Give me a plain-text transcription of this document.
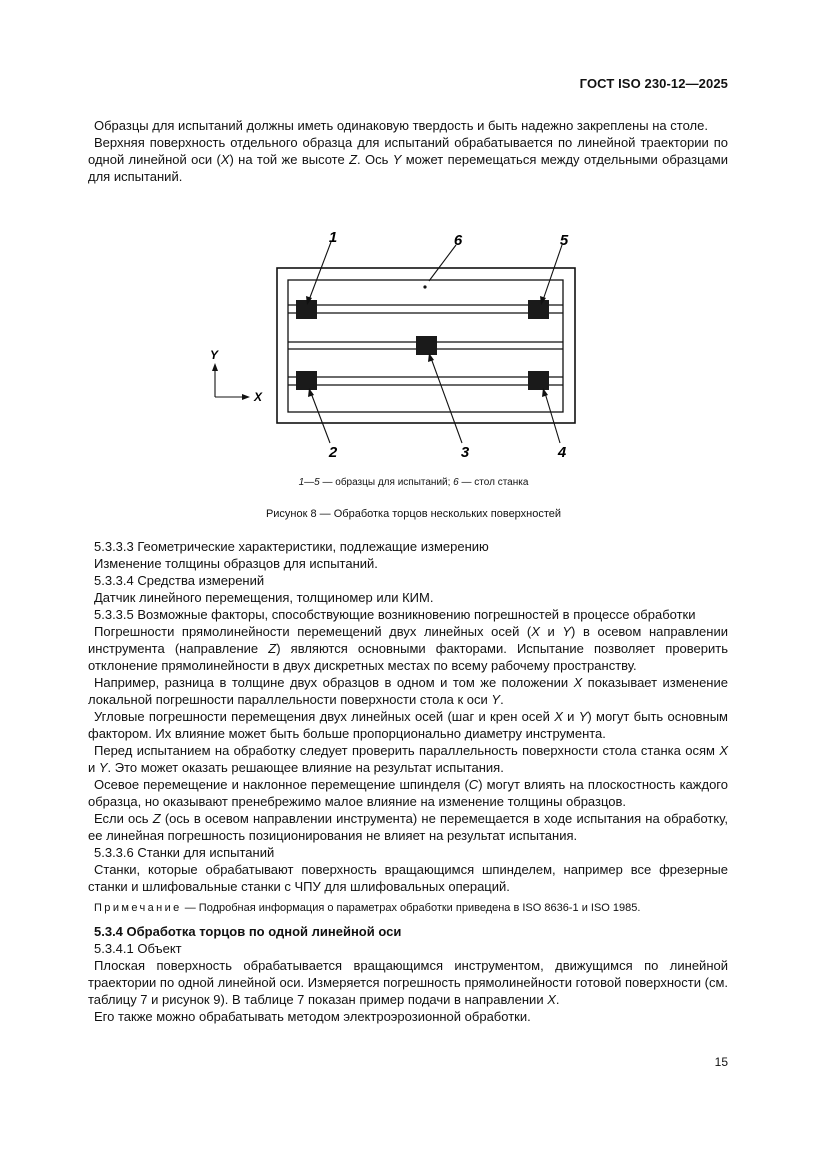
ГОСТ ISO 230-12—2025

Образцы для испытаний должны иметь одинаковую твердость и быть надежно закреплены на столе.

Верхняя поверхность отдельного образца для испытаний обрабатывается по линейной траектории по одной линейной оси (X) на той же высоте Z. Ось Y может перемещаться между отдельными образцами для испытаний.

1	6	5
2	3	4
Y
X
1—5 — образцы для испытаний; 6 — стол станка
Рисунок 8 — Обработка торцов нескольких поверхностей

5.3.3.3 Геометрические характеристики, подлежащие измерению

Изменение толщины образцов для испытаний.

5.3.3.4 Средства измерений

Датчик линейного перемещения, толщиномер или КИМ.

5.3.3.5 Возможные факторы, способствующие возникновению погрешностей в процессе обработки

Погрешности прямолинейности перемещений двух линейных осей (X и Y) в осевом направлении инструмента (направление Z) являются основными факторами. Испытание позволяет проверить отклонение прямолинейности в двух дискретных местах по всему рабочему пространству.

Например, разница в толщине двух образцов в одном и том же положении X показывает изменение локальной погрешности параллельности поверхности стола к оси Y.

Угловые погрешности перемещения двух линейных осей (шаг и крен осей X и Y) могут быть основным фактором. Их влияние может быть больше пропорционально диаметру инструмента.

Перед испытанием на обработку следует проверить параллельность поверхности стола станка осям X и Y. Это может оказать решающее влияние на результат испытания.

Осевое перемещение и наклонное перемещение шпинделя (C) могут влиять на плоскостность каждого образца, но оказывают пренебрежимо малое влияние на изменение толщины образцов.

Если ось Z (ось в осевом направлении инструмента) не перемещается в ходе испытания на обработку, ее линейная погрешность позиционирования не влияет на результат испытания.

5.3.3.6 Станки для испытаний

Станки, которые обрабатывают поверхность вращающимся шпинделем, например все фрезерные станки и шлифовальные станки с ЧПУ для шлифовальных операций.

Примечание — Подробная информация о параметрах обработки приведена в ISO 8636-1 и ISO 1985.

5.3.4 Обработка торцов по одной линейной оси

5.3.4.1 Объект

Плоская поверхность обрабатывается вращающимся инструментом, движущимся по линейной траектории по одной линейной оси. Измеряется погрешность прямолинейности готовой поверхности (см. таблицу 7 и рисунок 9). В таблице 7 показан пример подачи в направлении X.

Его также можно обрабатывать методом электроэрозионной обработки.

15
